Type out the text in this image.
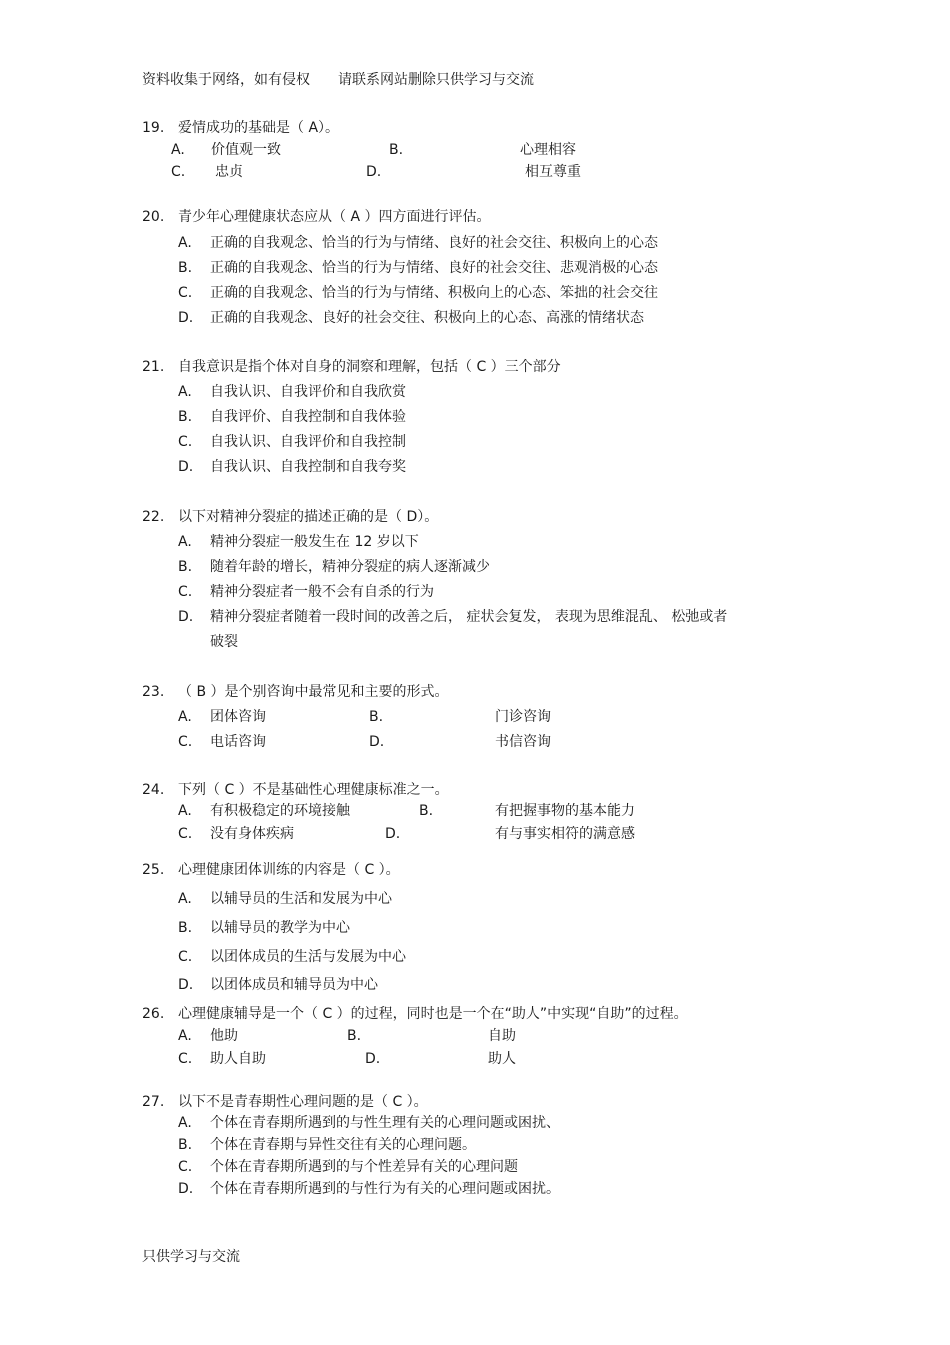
资料收集于网络，如有侵权 请联系网站删除只供学习与交流
19. 爱情成功的基础是（ A）。
A. 价值观一致	B.	心理相容
C. 忠贞	D.	相互尊重
20. 青少年心理健康状态应从（ A ）四方面进行评估。
A. 正确的自我观念、恰当的行为与情绪、良好的社会交往、积极向上的心态
B. 正确的自我观念、恰当的行为与情绪、良好的社会交往、悲观消极的心态
C. 正确的自我观念、恰当的行为与情绪、积极向上的心态、笨拙的社会交往
D. 正确的自我观念、良好的社会交往、积极向上的心态、高涨的情绪状态
21. 自我意识是指个体对自身的洞察和理解，包括（ C ）三个部分
A. 自我认识、自我评价和自我欣赏
B. 自我评价、自我控制和自我体验
C. 自我认识、自我评价和自我控制
D. 自我认识、自我控制和自我夸奖
22. 以下对精神分裂症的描述正确的是（ D）。
A. 精神分裂症一般发生在 12 岁以下
B. 随着年龄的增长，精神分裂症的病人逐渐减少
C. 精神分裂症者一般不会有自杀的行为
D. 精神分裂症者随着一段时间的改善之后， 症状会复发， 表现为思维混乱、 松弛或者
破裂
23. （ B ）是个别咨询中最常见和主要的形式。
A. 团体咨询	B.	门诊咨询
C. 电话咨询	D.	书信咨询
24. 下列（ C ）不是基础性心理健康标准之一。
A. 有积极稳定的环境接触	B.	有把握事物的基本能力
C. 没有身体疾病	D.	有与事实相符的满意感
25. 心理健康团体训练的内容是（ C ）。
A. 以辅导员的生活和发展为中心
B. 以辅导员的教学为中心
C. 以团体成员的生活与发展为中心
D. 以团体成员和辅导员为中心
26. 心理健康辅导是一个（ C ）的过程，同时也是一个在“助人”中实现“自助”的过程。
A. 他助	B.	自助
C. 助人自助	D.	助人
27. 以下不是青春期性心理问题的是（ C ）。
A. 个体在青春期所遇到的与性生理有关的心理问题或困扰、
B. 个体在青春期与异性交往有关的心理问题。
C. 个体在青春期所遇到的与个性差异有关的心理问题
D. 个体在青春期所遇到的与性行为有关的心理问题或困扰。
只供学习与交流
